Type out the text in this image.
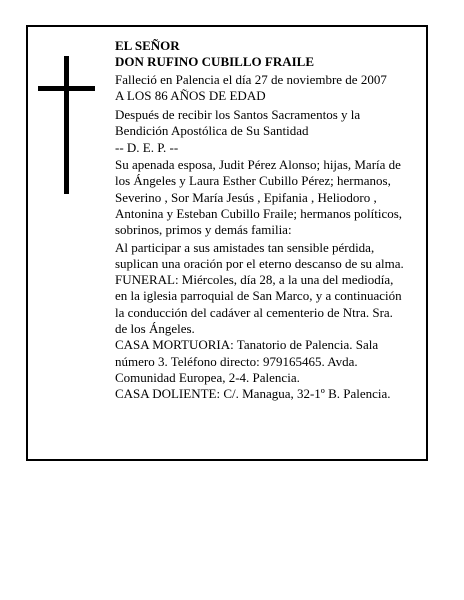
EL SEÑOR
DON RUFINO CUBILLO FRAILE
Falleció en Palencia el día 27 de noviembre de 2007
A LOS 86 AÑOS DE EDAD
Después de recibir los Santos Sacramentos y la
Bendición Apostólica de Su Santidad
-- D. E. P. --
Su apenada esposa, Judit Pérez Alonso; hijas, María de
los Ángeles y Laura Esther Cubillo Pérez; hermanos,
Severino , Sor María Jesús , Epifania , Heliodoro ,
Antonina y Esteban Cubillo Fraile; hermanos políticos,
sobrinos, primos y demás familia:
Al participar a sus amistades tan sensible pérdida,
suplican una oración por el eterno descanso de su alma.
FUNERAL: Miércoles, día 28, a la una del mediodía,
en la iglesia parroquial de San Marco, y a continuación
la conducción del cadáver al cementerio de Ntra. Sra.
de los Ángeles.
CASA MORTUORIA: Tanatorio de Palencia. Sala
número 3. Teléfono directo: 979165465. Avda.
Comunidad Europea, 2-4. Palencia.
CASA DOLIENTE: C/. Managua, 32-1º B. Palencia.
